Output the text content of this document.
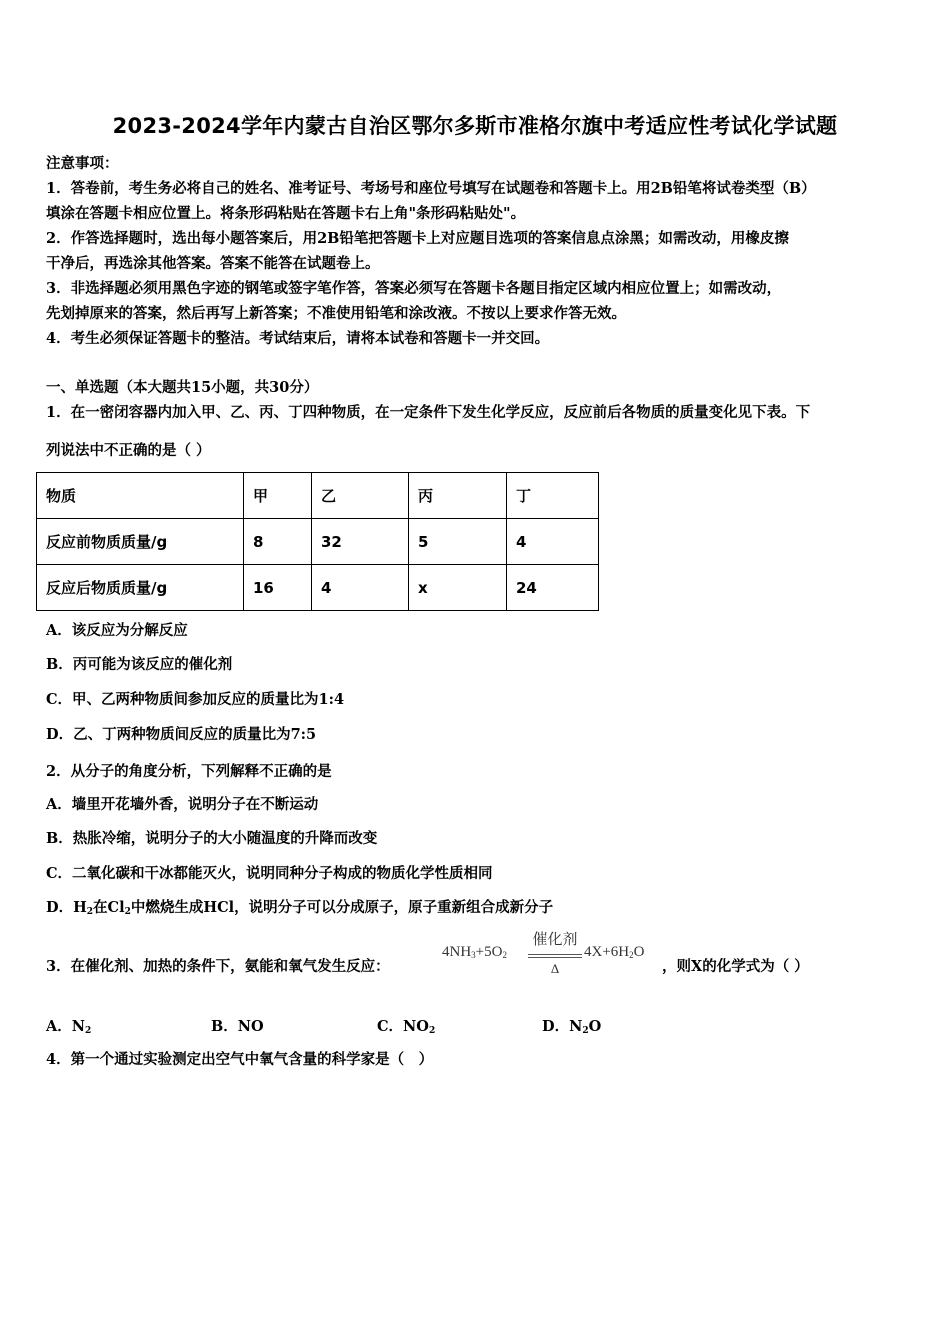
2023-2024学年内蒙古自治区鄂尔多斯市准格尔旗中考适应性考试化学试题
注意事项：
1．答卷前，考生务必将自己的姓名、准考证号、考场号和座位号填写在试题卷和答题卡上。用2B铅笔将试卷类型（B）
填涂在答题卡相应位置上。将条形码粘贴在答题卡右上角"条形码粘贴处"。
2．作答选择题时，选出每小题答案后，用2B铅笔把答题卡上对应题目选项的答案信息点涂黑；如需改动，用橡皮擦
干净后，再选涂其他答案。答案不能答在试题卷上。
3．非选择题必须用黑色字迹的钢笔或签字笔作答，答案必须写在答题卡各题目指定区域内相应位置上；如需改动，
先划掉原来的答案，然后再写上新答案；不准使用铅笔和涂改液。不按以上要求作答无效。
4．考生必须保证答题卡的整洁。考试结束后，请将本试卷和答题卡一并交回。
一、单选题（本大题共15小题，共30分）
1．在一密闭容器内加入甲、乙、丙、丁四种物质，在一定条件下发生化学反应，反应前后各物质的质量变化见下表。下
列说法中不正确的是（ ）
物质	甲	乙	丙	丁
反应前物质质量/g	8	32	5	4
反应后物质质量/g	16	4	x	24
A．该反应为分解反应
B．丙可能为该反应的催化剂
C．甲、乙两种物质间参加反应的质量比为1:4
D．乙、丁两种物质间反应的质量比为7:5
2．从分子的角度分析，下列解释不正确的是
A．墙里开花墙外香，说明分子在不断运动
B．热胀冷缩，说明分子的大小随温度的升降而改变
C．二氧化碳和干冰都能灭火，说明同种分子构成的物质化学性质相同
D．$H_2$在$Cl_2$中燃烧生成HCl，说明分子可以分成原子，原子重新组合成新分子
3．在催化剂、加热的条件下，氨能和氧气发生反应：
$4NH_3+5O_2$
催化剂
Δ
$4X+6H_2O$
，则X的化学式为（ ）
A．$N_2$	B．NO	C．$NO_2$	D．$N_2O$
4．第一个通过实验测定出空气中氧气含量的科学家是（　）
